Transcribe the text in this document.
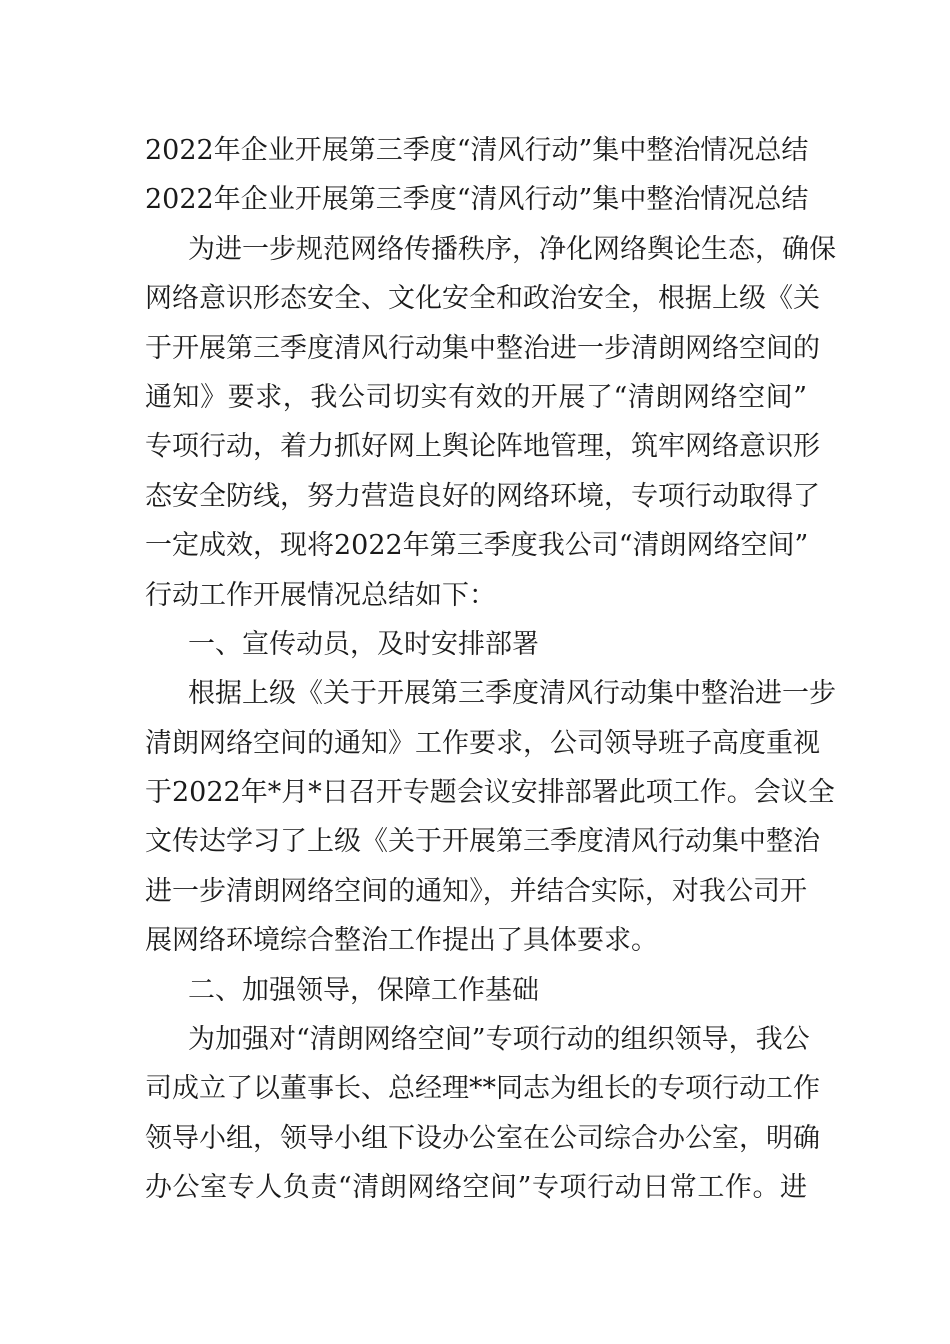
2022年企业开展第三季度“清风行动”集中整治情况总结
2022年企业开展第三季度“清风行动”集中整治情况总结
为进一步规范网络传播秩序，净化网络舆论生态，确保
网络意识形态安全、文化安全和政治安全，根据上级《关
于开展第三季度清风行动集中整治进一步清朗网络空间的
通知》要求，我公司切实有效的开展了“清朗网络空间”
专项行动，着力抓好网上舆论阵地管理，筑牢网络意识形
态安全防线，努力营造良好的网络环境，专项行动取得了
一定成效，现将2022年第三季度我公司“清朗网络空间”
行动工作开展情况总结如下：
一、宣传动员，及时安排部署
根据上级《关于开展第三季度清风行动集中整治进一步
清朗网络空间的通知》工作要求，公司领导班子高度重视
于2022年*月*日召开专题会议安排部署此项工作。会议全
文传达学习了上级《关于开展第三季度清风行动集中整治
进一步清朗网络空间的通知》，并结合实际，对我公司开
展网络环境综合整治工作提出了具体要求。
二、加强领导，保障工作基础
为加强对“清朗网络空间”专项行动的组织领导，我公
司成立了以董事长、总经理**同志为组长的专项行动工作
领导小组，领导小组下设办公室在公司综合办公室，明确
办公室专人负责“清朗网络空间”专项行动日常工作。进
